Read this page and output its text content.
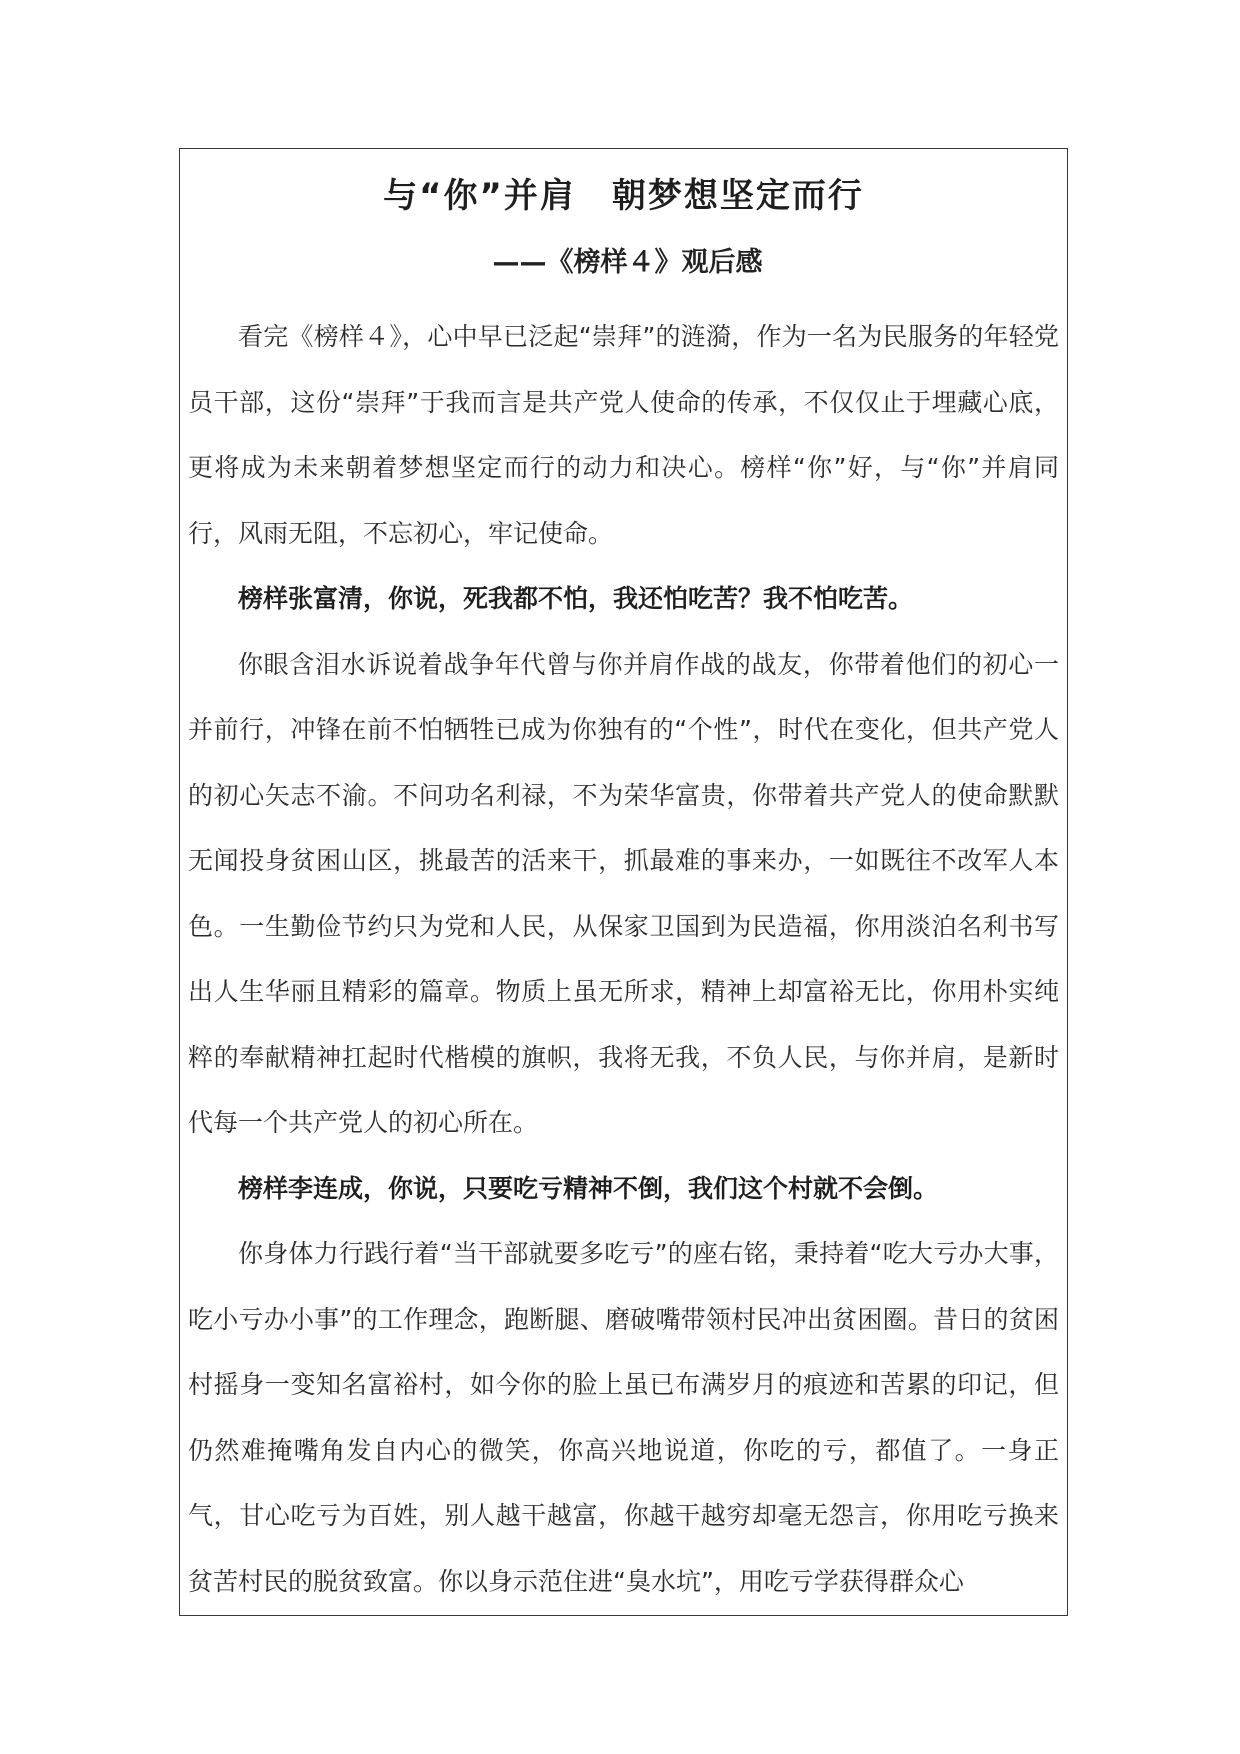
与“你”并肩　朝梦想坚定而行
——《榜样４》观后感

看完《榜样４》，心中早已泛起“崇拜”的涟漪，作为一名为民服务的年轻党员干部，这份“崇拜”于我而言是共产党人使命的传承，不仅仅止于埋藏心底，更将成为未来朝着梦想坚定而行的动力和决心。榜样“你”好，与“你”并肩同行，风雨无阻，不忘初心，牢记使命。

榜样张富清，你说，死我都不怕，我还怕吃苦？我不怕吃苦。

你眼含泪水诉说着战争年代曾与你并肩作战的战友，你带着他们的初心一并前行，冲锋在前不怕牺牲已成为你独有的“个性”，时代在变化，但共产党人的初心矢志不渝。不问功名利禄，不为荣华富贵，你带着共产党人的使命默默无闻投身贫困山区，挑最苦的活来干，抓最难的事来办，一如既往不改军人本色。一生勤俭节约只为党和人民，从保家卫国到为民造福，你用淡泊名利书写出人生华丽且精彩的篇章。物质上虽无所求，精神上却富裕无比，你用朴实纯粹的奉献精神扛起时代楷模的旗帜，我将无我，不负人民，与你并肩，是新时代每一个共产党人的初心所在。

榜样李连成，你说，只要吃亏精神不倒，我们这个村就不会倒。

你身体力行践行着“当干部就要多吃亏”的座右铭，秉持着“吃大亏办大事，吃小亏办小事”的工作理念，跑断腿、磨破嘴带领村民冲出贫困圈。昔日的贫困村摇身一变知名富裕村，如今你的脸上虽已布满岁月的痕迹和苦累的印记，但仍然难掩嘴角发自内心的微笑，你高兴地说道，你吃的亏，都值了。一身正气，甘心吃亏为百姓，别人越干越富，你越干越穷却毫无怨言，你用吃亏换来贫苦村民的脱贫致富。你以身示范住进“臭水坑”，用吃亏学获得群众心
